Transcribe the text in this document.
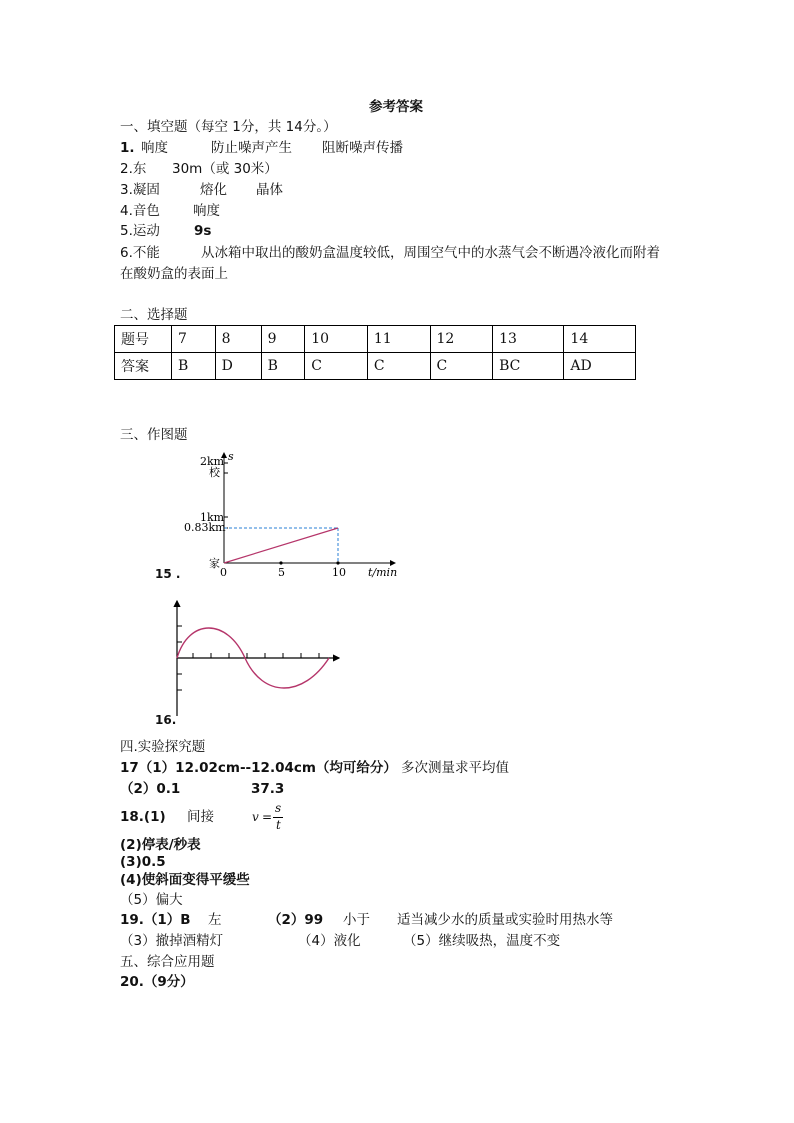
参考答案
一、填空题（每空 1分，共 14分。）
1. 响度	防止噪声产生 阻断噪声传播
2.东 30m（或 30米）
3.凝固	熔化 晶体
4.音色 响度
5.运动	9s
6.不能	从冰箱中取出的酸奶盒温度较低，周围空气中的水蒸气会不断遇冷液化而附着
在酸奶盒的表面上
二、选择题
题号	7	8	9	10	11	12	13	14
答案	B	D	B	C	C	C	BC	AD
三、作图题
2km s
校
1km
0.83km
家
0	5	10 t/min
15 .
16.
四.实验探究题
17（1）12.02cm--12.04cm（均可给分） 多次测量求平均值
（2）0.1	37.3
18.(1) 间接	v =
s
t
(2)停表/秒表
(3)0.5
(4)使斜面变得平缓些
（5）偏大
19.（1）B 左	（2）99 小于 适当减少水的质量或实验时用热水等
（3）撤掉酒精灯	（4）液化	（5）继续吸热，温度不变
五、综合应用题
20.（9分）
